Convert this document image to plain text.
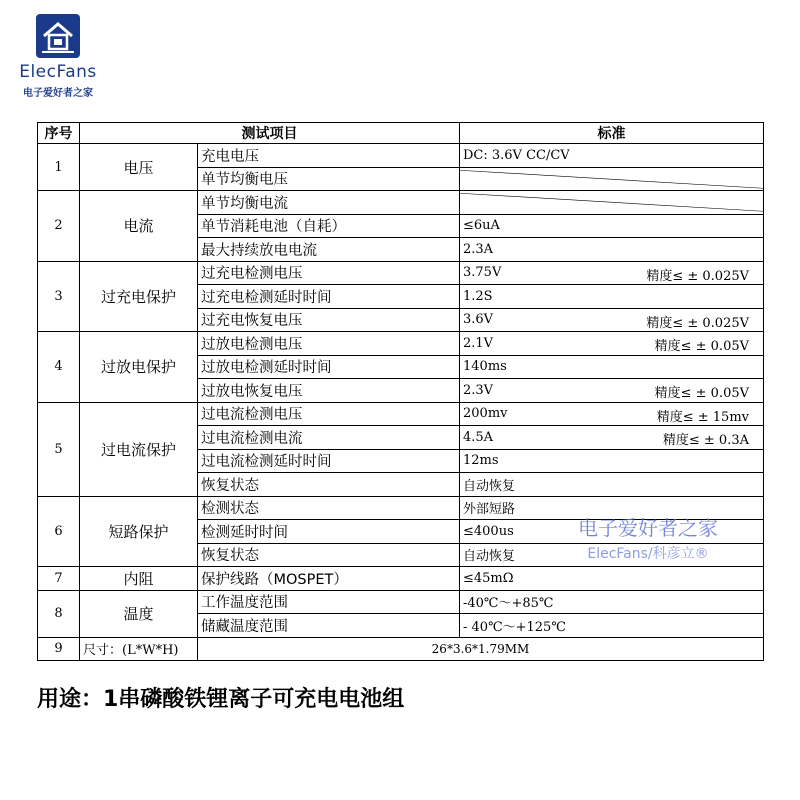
ElecFans
电子爱好者之家
序号	测试项目		标准
1	电压	充电电压	DC: 3.6V CC/CV
		单节均衡电压	

2	电流	单节均衡电流	

		单节消耗电池（自耗）	≤6uA
		最大持续放电电流	2.3A
3	过充电保护	过充电检测电压	3.75V 精度≤ ± 0.025V

		过充电检测延时时间	1.2S
		过充电恢复电压	3.6V 精度≤ ± 0.025V

4	过放电保护	过放电检测电压	2.1V 精度≤ ± 0.05V

		过放电检测延时时间	140ms
		过放电恢复电压	2.3V 精度≤ ± 0.05V

5	过电流保护	过电流检测电压	200mv 精度≤ ± 15mv

		过电流检测电流	4.5A 精度≤ ± 0.3A

		过电流检测延时时间	12ms
		恢复状态	自动恢复
6	短路保护	检测状态	外部短路
		检测延时时间	≤400us
		恢复状态	自动恢复
7	内阻	保护线路（MOSPET）	≤45mΩ
8	温度	工作温度范围	-40℃～+85℃
		储藏温度范围	- 40℃～+125℃
9	尺寸：(L*W*H)	26*3.6*1.79MM	
电子爱好者之家
ElecFans/科彦立®
用途：1串磷酸铁锂离子可充电电池组
